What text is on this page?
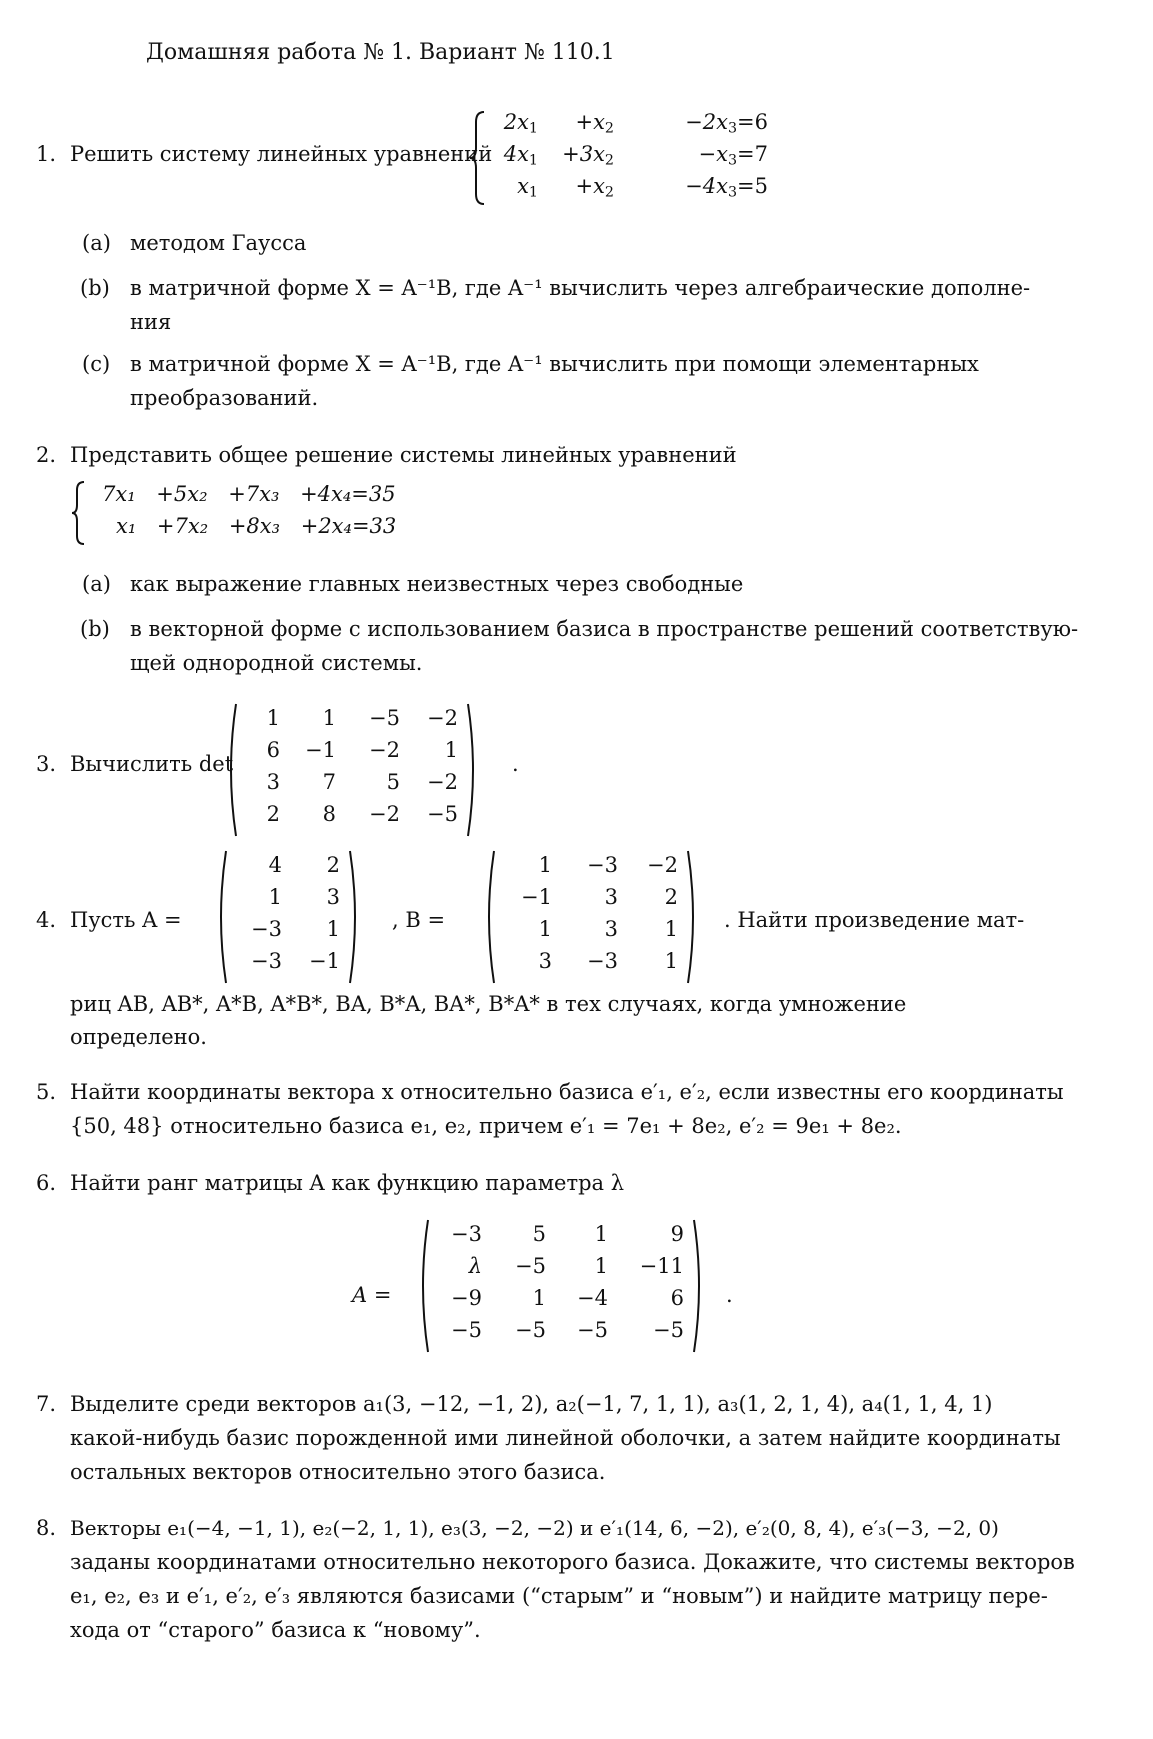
Домашняя работа № 1. Вариант № 110.1
1. Решить систему линейных уравнений
$2x_1 +x_2$	$-2x_3=6$
$4x_1 +3x_2$	$-x_3=7$
$x_1 +x_2$	$-4x_3=5$
(a) методом Гаусса
(b) в матричной форме X = A⁻¹B, где A⁻¹ вычислить через алгебраические дополне-
ния
(c) в матричной форме X = A⁻¹B, где A⁻¹ вычислить при помощи элементарных
преобразований.
2. Представить общее решение системы линейных уравнений
7x₁ +5x₂ +7x₃ +4x₄=35
x₁ +7x₂ +8x₃ +2x₄=33
(a) как выражение главных неизвестных через свободные
(b) в векторной форме с использованием базиса в пространстве решений соответствую-
щей однородной системы.
3. Вычислить det
1 1 −5 −2
6 −1 −2 1
3 7 5 −2
2 8 −2 −5
.
4. Пусть A =
4 2
1 3
−3 1
−3 −1
, B =
1 −3 −2
−1	3 2
1	3 1
3 −3 1
. Найти произведение мат-
риц AB, AB*, A*B, A*B*, BA, B*A, BA*, B*A* в тех случаях, когда умножение
определено.
5. Найти координаты вектора x относительно базиса e′₁, e′₂, если известны его координаты
{50, 48} относительно базиса e₁, e₂, причем e′₁ = 7e₁ + 8e₂, e′₂ = 9e₁ + 8e₂.
6. Найти ранг матрицы A как функцию параметра λ
A =
−3 5 1	9
λ −5 1 −11
−9 1 −4	6
−5 −5 −5 −5
.
7. Выделите среди векторов a₁(3, −12, −1, 2), a₂(−1, 7, 1, 1), a₃(1, 2, 1, 4), a₄(1, 1, 4, 1)
какой-нибудь базис порожденной ими линейной оболочки, а затем найдите координаты
остальных векторов относительно этого базиса.
8. Векторы e₁(−4, −1, 1), e₂(−2, 1, 1), e₃(3, −2, −2) и e′₁(14, 6, −2), e′₂(0, 8, 4), e′₃(−3, −2, 0)
заданы координатами относительно некоторого базиса. Докажите, что системы векторов
e₁, e₂, e₃ и e′₁, e′₂, e′₃ являются базисами (“старым” и “новым”) и найдите матрицу пере-
хода от “старого” базиса к “новому”.
